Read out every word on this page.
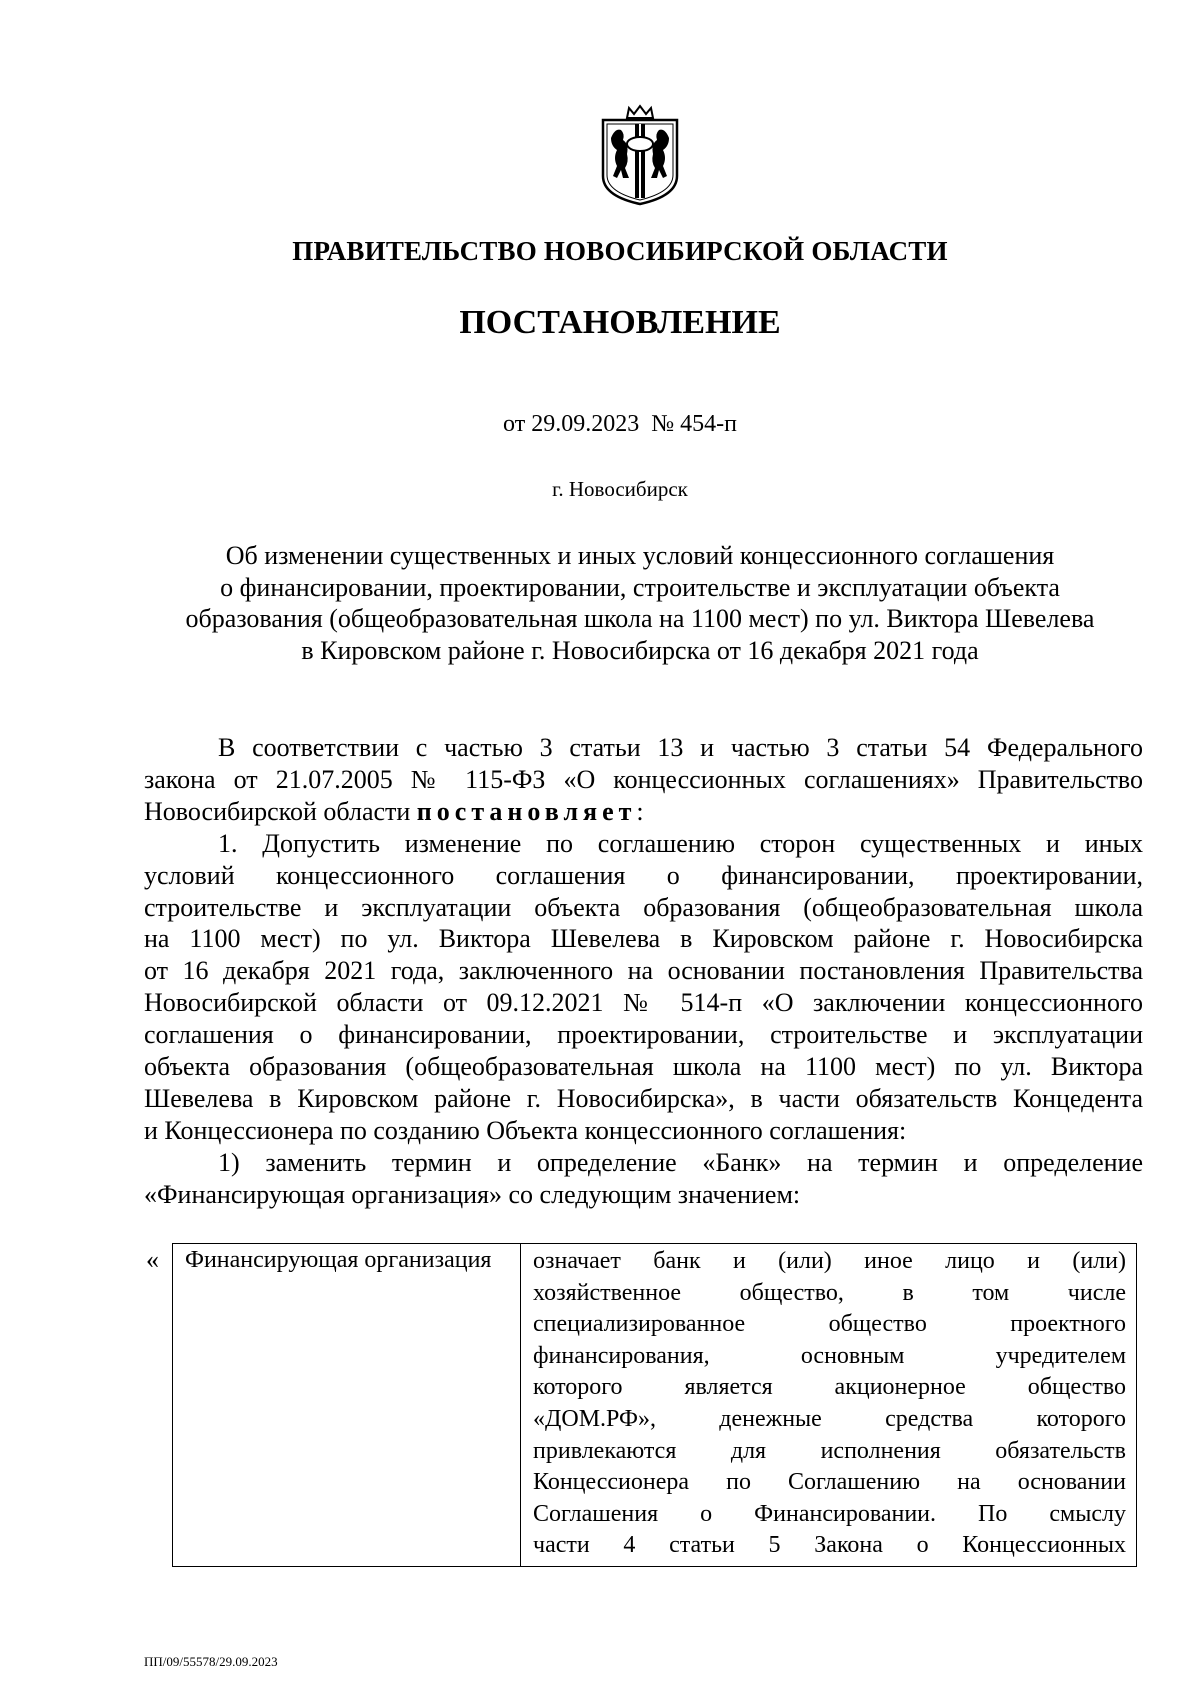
ПРАВИТЕЛЬСТВО НОВОСИБИРСКОЙ ОБЛАСТИ
ПОСТАНОВЛЕНИЕ
от 29.09.2023  № 454-п
г. Новосибирск
Об изменении существенных и иных условий концессионного соглашения
о финансировании, проектировании, строительстве и эксплуатации объекта
образования (общеобразовательная школа на 1100 мест) по ул. Виктора Шевелева
в Кировском районе г. Новосибирска от 16 декабря 2021 года
В соответствии с частью 3 статьи 13 и частью 3 статьи 54 Федерального
закона от 21.07.2005 № 115-ФЗ «О концессионных соглашениях» Правительство
Новосибирской области постановляет:
1. Допустить изменение по соглашению сторон существенных и иных
условий концессионного соглашения о финансировании, проектировании,
строительстве и эксплуатации объекта образования (общеобразовательная школа
на 1100 мест) по ул. Виктора Шевелева в Кировском районе г. Новосибирска
от 16 декабря 2021 года, заключенного на основании постановления Правительства
Новосибирской области от 09.12.2021 № 514-п «О заключении концессионного
соглашения о финансировании, проектировании, строительстве и эксплуатации
объекта образования (общеобразовательная школа на 1100 мест) по ул. Виктора
Шевелева в Кировском районе г. Новосибирска», в части обязательств Концедента
и Концессионера по созданию Объекта концессионного соглашения:
1) заменить термин и определение «Банк» на термин и определение
«Финансирующая организация» со следующим значением:
« Финансирующая организация	означает банк и (или) иное лицо и (или)
хозяйственное общество, в том числе
специализированное общество проектного
финансирования, основным учредителем
которого является акционерное общество
«ДОМ.РФ», денежные средства которого
привлекаются для исполнения обязательств
Концессионера по Соглашению на основании
Соглашения о Финансировании. По смыслу
части 4 статьи 5 Закона о Концессионных
ПП/09/55578/29.09.2023
